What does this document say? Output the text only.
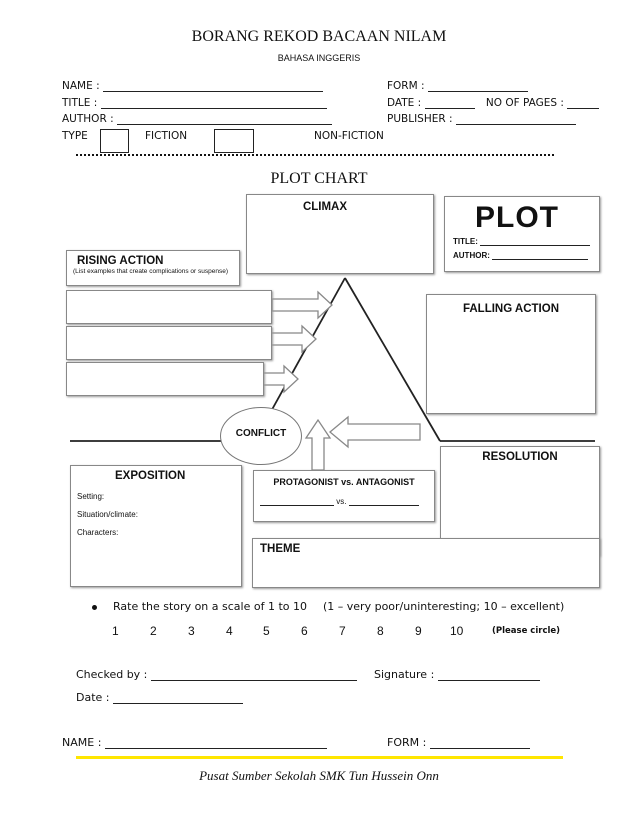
BORANG REKOD BACAAN NILAM
BAHASA INGGERIS
NAME :	FORM :
TITLE :	DATE :	NO OF PAGES :
AUTHOR :	PUBLISHER :
TYPE	FICTION	NON-FICTION
PLOT CHART
CLIMAX	PLOT
TITLE:
AUTHOR:
RISING ACTION
(List examples that create complications or suspense)
FALLING ACTION
CONFLICT
RESOLUTION
EXPOSITION
Setting:
Situation/climate:
Characters:
PROTAGONIST vs. ANTAGONIST
vs.
THEME
Rate the story on a scale of 1 to 10 (1 – very poor/uninteresting; 10 – excellent)
1	2	3	4	5	6	7	8	9 10	(Please circle)
Checked by :	Signature :
Date :
NAME :	FORM :
Pusat Sumber Sekolah SMK Tun Hussein Onn
